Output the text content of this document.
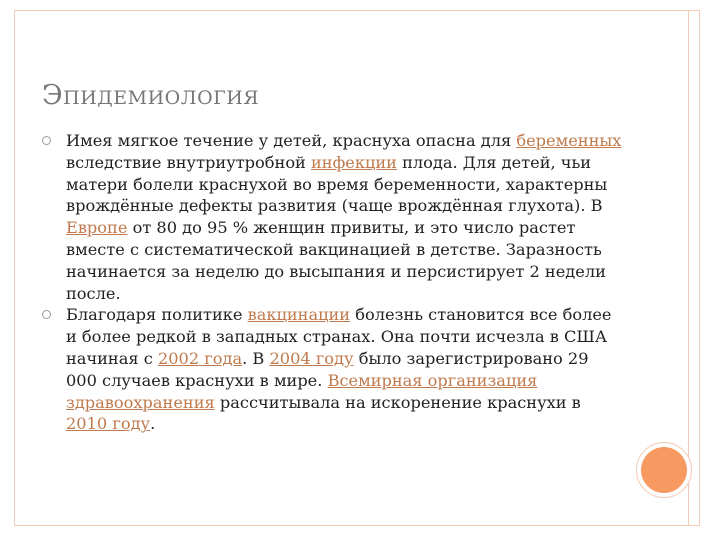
ЭПИДЕМИОЛОГИЯ
Имея мягкое течение у детей, краснуха опасна для беременных вследствие внутриутробной инфекции плода. Для детей, чьи матери болели краснухой во время беременности, характерны врождённые дефекты развития (чаще врождённая глухота). В Европе от 80 до 95 % женщин привиты, и это число растет вместе с систематической вакцинацией в детстве. Заразность начинается за неделю до высыпания и персистирует 2 недели после.
Благодаря политике вакцинации болезнь становится все более и более редкой в западных странах. Она почти исчезла в США начиная с 2002 года. В 2004 году было зарегистрировано 29 000 случаев краснухи в мире. Всемирная организация здравоохранения рассчитывала на искоренение краснухи в 2010 году.
